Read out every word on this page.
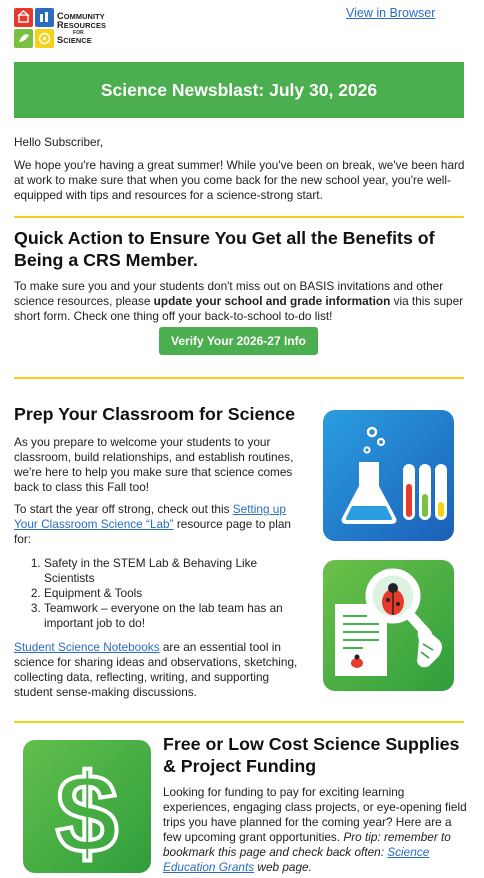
COMMUNITY
RESOURCES
FOR
SCIENCE
View in Browser
Science Newsblast: July 30, 2026

Hello Subscriber,

We hope you're having a great summer! While you've been on break, we've been hard at work to make sure that when you come back for the new school year, you're well-equipped with tips and resources for a science-strong start.

Quick Action to Ensure You Get all the Benefits of Being a CRS Member.

To make sure you and your students don't miss out on BASIS invitations and other science resources, please update your school and grade information via this super short form. Check one thing off your back-to-school to-do list!

Verify Your 2026-27 Info
Prep Your Classroom for Science

As you prepare to welcome your students to your classroom, build relationships, and establish routines, we're here to help you make sure that science comes back to class this Fall too!

To start the year off strong, check out this Setting up Your Classroom Science “Lab” resource page to plan for:

1. Safety in the STEM Lab & Behaving Like Scientists
2. Equipment & Tools
3. Teamwork – everyone on the lab team has an important job to do!

Student Science Notebooks are an essential tool in science for sharing ideas and observations, sketching, collecting data, reflecting, writing, and supporting student sense-making discussions.

$
Free or Low Cost Science Supplies & Project Funding

Looking for funding to pay for exciting learning experiences, engaging class projects, or eye-opening field trips you have planned for the coming year? Here are a few upcoming grant opportunities. Pro tip: remember to bookmark this page and check back often: Science Education Grants web page.
